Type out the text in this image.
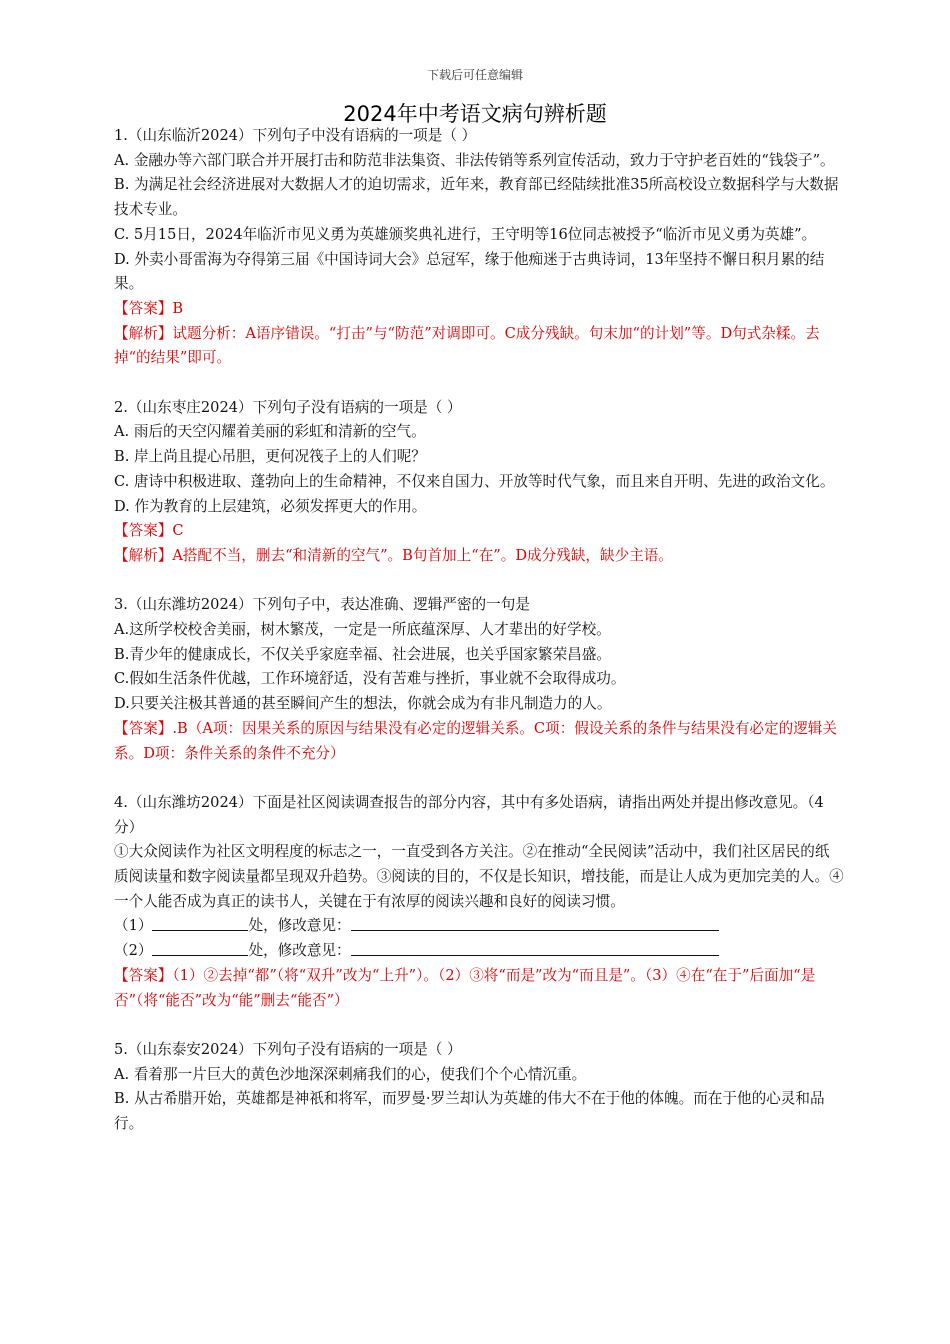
下载后可任意编辑
2024年中考语文病句辨析题

1.（山东临沂2024）下列句子中没有语病的一项是（ ）

A. 金融办等六部门联合并开展打击和防范非法集资、非法传销等系列宣传活动，致力于守护老百姓的“钱袋子”。

B. 为满足社会经济进展对大数据人才的迫切需求，近年来，教育部已经陆续批准35所高校设立数据科学与大数据技术专业。

C. 5月15日，2024年临沂市见义勇为英雄颁奖典礼进行，王守明等16位同志被授予“临沂市见义勇为英雄”。

D. 外卖小哥雷海为夺得第三届《中国诗词大会》总冠军，缘于他痴迷于古典诗词，13年坚持不懈日积月累的结果。

【答案】B

【解析】试题分析：A语序错误。“打击”与“防范”对调即可。C成分残缺。句末加“的计划”等。D句式杂糅。去掉“的结果”即可。

2.（山东枣庄2024）下列句子没有语病的一项是（ ）

A. 雨后的天空闪耀着美丽的彩虹和清新的空气。

B. 岸上尚且提心吊胆，更何况筏子上的人们呢？

C. 唐诗中积极进取、蓬勃向上的生命精神，不仅来自国力、开放等时代气象，而且来自开明、先进的政治文化。

D. 作为教育的上层建筑，必须发挥更大的作用。

【答案】C

【解析】A搭配不当，删去“和清新的空气”。B句首加上“在”。D成分残缺，缺少主语。

3.（山东潍坊2024）下列句子中，表达准确、逻辑严密的一句是

A.这所学校校舍美丽，树木繁茂，一定是一所底蕴深厚、人才辈出的好学校。

B.青少年的健康成长，不仅关乎家庭幸福、社会进展，也关乎国家繁荣昌盛。

C.假如生活条件优越，工作环境舒适，没有苦难与挫折，事业就不会取得成功。

D.只要关注极其普通的甚至瞬间产生的想法，你就会成为有非凡制造力的人。

【答案】.B（A项：因果关系的原因与结果没有必定的逻辑关系。C项：假设关系的条件与结果没有必定的逻辑关系。D项：条件关系的条件不充分）

4.（山东潍坊2024）下面是社区阅读调查报告的部分内容，其中有多处语病，请指出两处并提出修改意见。（4分）

①大众阅读作为社区文明程度的标志之一，一直受到各方关注。②在推动“全民阅读”活动中，我们社区居民的纸质阅读量和数字阅读量都呈现双升趋势。③阅读的目的，不仅是长知识，增技能，而是让人成为更加完美的人。④一个人能否成为真正的读书人，关键在于有浓厚的阅读兴趣和良好的阅读习惯。

（1）	处，修改意见：

（2）	处，修改意见：

【答案】（1）②去掉“都”（将“双升”改为“上升”）。（2）③将“而是”改为“而且是”。（3）④在“在于”后面加“是否”（将“能否”改为“能”删去“能否”）

5.（山东泰安2024）下列句子没有语病的一项是（ ）

A. 看着那一片巨大的黄色沙地深深刺痛我们的心，使我们个个心情沉重。

B. 从古希腊开始，英雄都是神祇和将军，而罗曼·罗兰却认为英雄的伟大不在于他的体魄。而在于他的心灵和品行。
